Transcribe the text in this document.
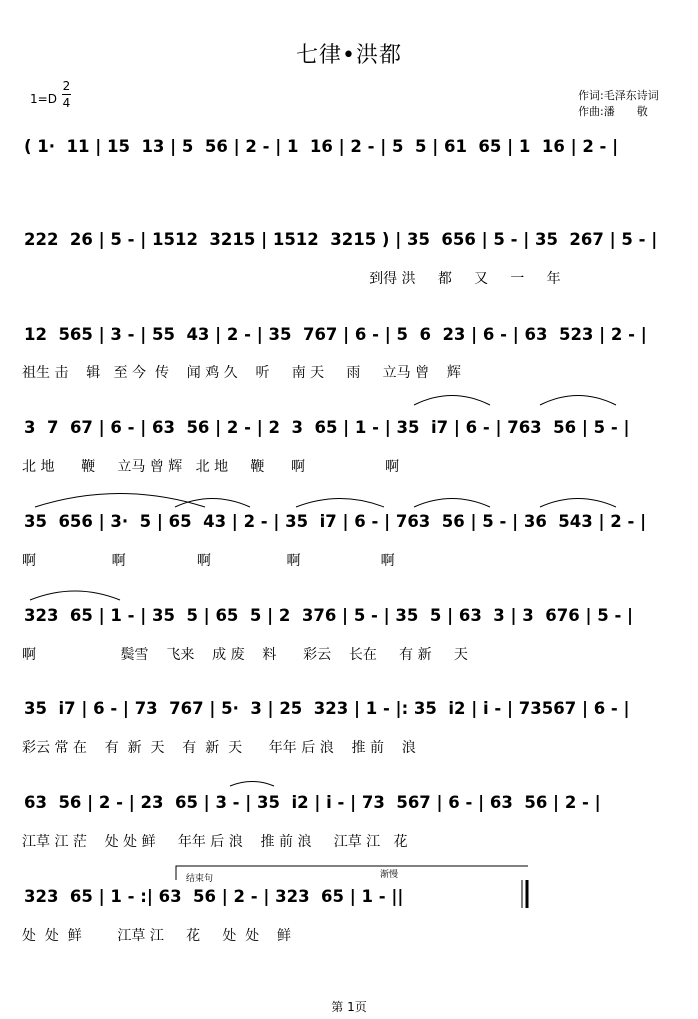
七律•洪都
1=D
2
4
作词:毛泽东诗词
作曲:潘　　敬
( 1·  11 | 15  13 | 5  56 | 2 - | 1  16 | 2 - | 5  5 | 61  65 | 1  16 | 2 - |
222  26 | 5 - | 1512  3215 | 1512  3215 ) | 35  656 | 5 - | 35  267 | 5 - |
到得 洪     都     又     一     年
12  565 | 3 - | 55  43 | 2 - | 35  767 | 6 - | 5  6  23 | 6 - | 63  523 | 2 - |
祖生 击    辑   至 今  传    闻 鸡 久    听     南 天     雨     立马 曾    辉
3  7  67 | 6 - | 63  56 | 2 - | 2  3  65 | 1 - | 35  i7 | 6 - | 763  56 | 5 - |
北 地      鞭     立马 曾 辉   北 地     鞭      啊                  啊
35  656 | 3·  5 | 65  43 | 2 - | 35  i7 | 6 - | 763  56 | 5 - | 36  543 | 2 - |
啊                 啊                啊                 啊                  啊
323  65 | 1 - | 35  5 | 65  5 | 2  376 | 5 - | 35  5 | 63  3 | 3  676 | 5 - |
啊                   鬓雪    飞来    成 废    料      彩云    长在     有 新     天
35  i7 | 6 - | 73  767 | 5·  3 | 25  323 | 1 - |: 35  i2 | i - | 73567 | 6 - |
彩云 常 在    有  新  天    有  新  天      年年 后 浪    推 前    浪
63  56 | 2 - | 23  65 | 3 - | 35  i2 | i - | 73  567 | 6 - | 63  56 | 2 - |
江草 江 茫    处 处 鲜     年年 后 浪    推 前 浪     江草 江   花
323  65 | 1 - :| 63  56 | 2 - | 323  65 | 1 - ||
处  处  鲜        江草 江     花     处  处    鲜
结束句	渐慢
第 1页
